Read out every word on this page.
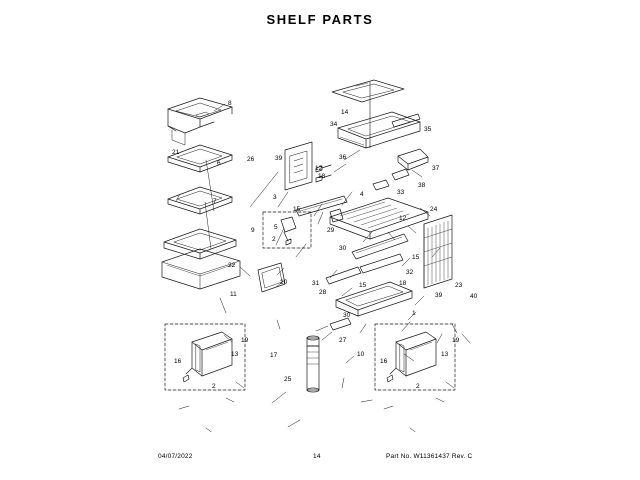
SHELF PARTS
8
21
6
7
9
22
11
20
26	39
12
18
3
15
5
2
29
30
31
28
15
30
27
14
34
36
35
37
38
33
4
12
24
15
32
18
39
23
40
1
19
16
13
2
17
25
10
16
19
13
2
04/07/2022	14	Part No. W11361437 Rev. C
